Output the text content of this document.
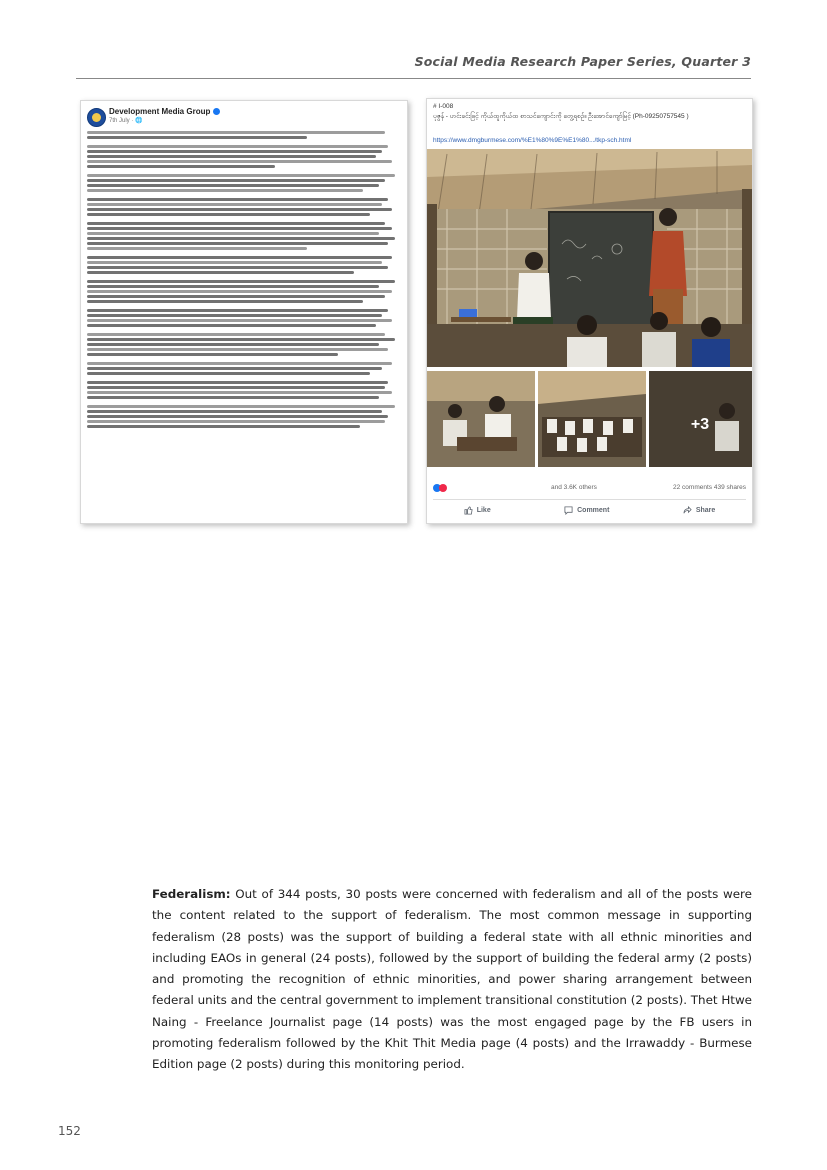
Social Media Research Paper Series, Quarter 3
Development Media Group
7th July · 🌐
# I-008
ပုဇွန် - ဟင်းခင်းဖြင့် ကိုယ်ထူကိုယ်ထ စာသင်ကျောင်းကို တွေ့ရစဉ်။ ဦးအောင်ကျော်မြင့် (Ph-09250757545 )
https://www.dmgburmese.com/%E1%80%9E%E1%80.../tkp-sch.html
+3
and 3.6K others	22 comments 439 shares
Like	Comment	Share
Federalism: Out of 344 posts, 30 posts were concerned with federalism and all of the posts were the content related to the support of federalism. The most common message in supporting federalism (28 posts) was the support of building a federal state with all ethnic minorities and including EAOs in general (24 posts), followed by the support of building the federal army (2 posts) and promoting the recognition of ethnic minorities, and power sharing arrangement between federal units and the central government to implement transitional constitution (2 posts). Thet Htwe Naing - Freelance Journalist page (14 posts) was the most engaged page by the FB users in promoting federalism followed by the Khit Thit Media page (4 posts) and the Irrawaddy - Burmese Edition page (2 posts) during this monitoring period.
152
